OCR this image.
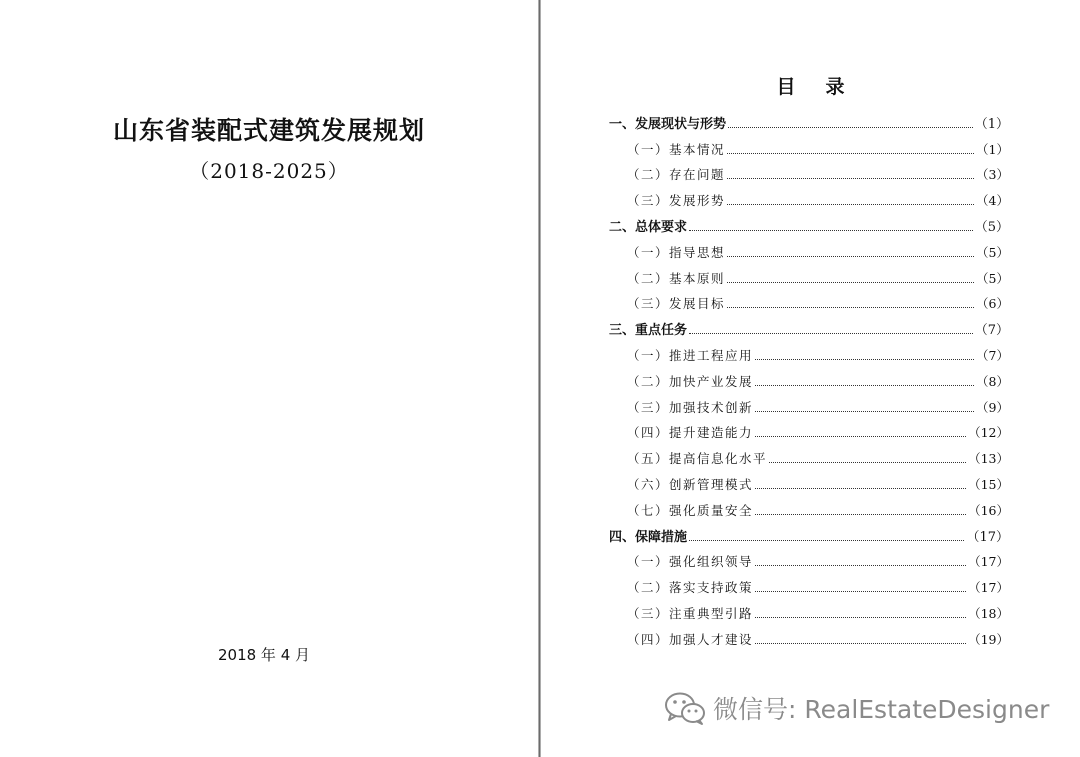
山东省装配式建筑发展规划
（2018-2025）
2018 年 4 月
目录
一、发展现状与形势	（1）
（一）基本情况	（1）
（二）存在问题	（3）
（三）发展形势	（4）
二、总体要求	（5）
（一）指导思想	（5）
（二）基本原则	（5）
（三）发展目标	（6）
三、重点任务	（7）
（一）推进工程应用	（7）
（二）加快产业发展	（8）
（三）加强技术创新	（9）
（四）提升建造能力	（12）
（五）提高信息化水平	（13）
（六）创新管理模式	（15）
（七）强化质量安全	（16）
四、保障措施	（17）
（一）强化组织领导	（17）
（二）落实支持政策	（17）
（三）注重典型引路	（18）
（四）加强人才建设	（19）
微信号: RealEstateDesigner
